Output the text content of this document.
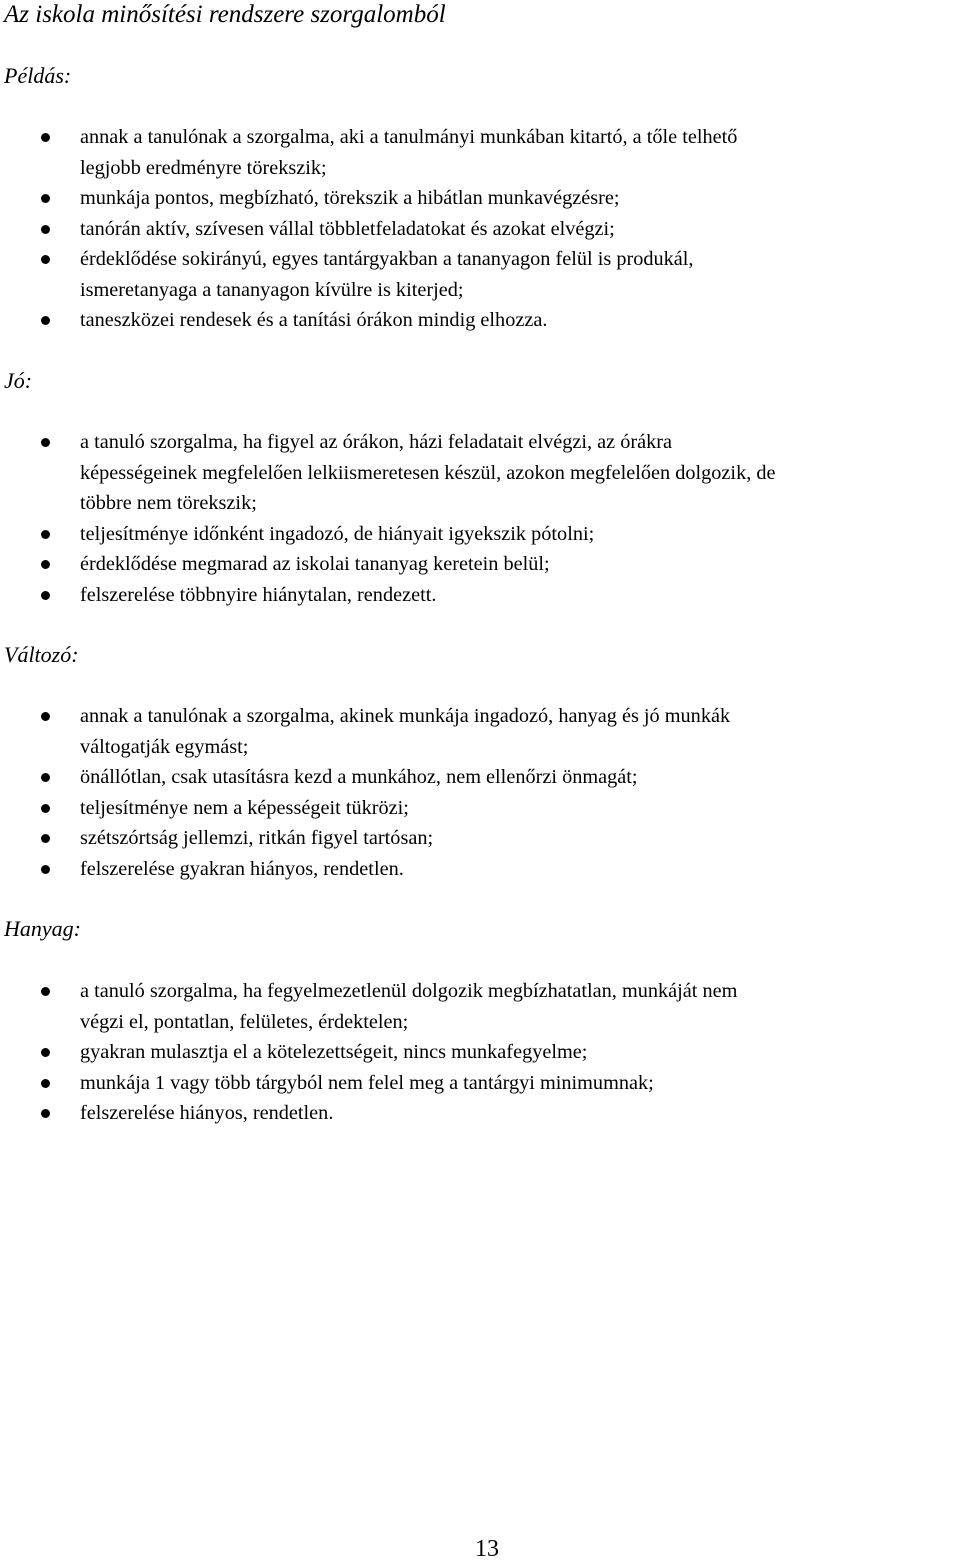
Az iskola minősítési rendszere szorgalomból
Példás:
annak a tanulónak a szorgalma, aki a tanulmányi munkában kitartó, a tőle telhető
legjobb eredményre törekszik;
munkája pontos, megbízható, törekszik a hibátlan munkavégzésre;
tanórán aktív, szívesen vállal többletfeladatokat és azokat elvégzi;
érdeklődése sokirányú, egyes tantárgyakban a tananyagon felül is produkál,
ismeretanyaga a tananyagon kívülre is kiterjed;
taneszközei rendesek és a tanítási órákon mindig elhozza.
Jó:
a tanuló szorgalma, ha figyel az órákon, házi feladatait elvégzi, az órákra
képességeinek megfelelően lelkiismeretesen készül, azokon megfelelően dolgozik, de
többre nem törekszik;
teljesítménye időnként ingadozó, de hiányait igyekszik pótolni;
érdeklődése megmarad az iskolai tananyag keretein belül;
felszerelése többnyire hiánytalan, rendezett.
Változó:
annak a tanulónak a szorgalma, akinek munkája ingadozó, hanyag és jó munkák
váltogatják egymást;
önállótlan, csak utasításra kezd a munkához, nem ellenőrzi önmagát;
teljesítménye nem a képességeit tükrözi;
szétszórtság jellemzi, ritkán figyel tartósan;
felszerelése gyakran hiányos, rendetlen.
Hanyag:
a tanuló szorgalma, ha fegyelmezetlenül dolgozik megbízhatatlan, munkáját nem
végzi el, pontatlan, felületes, érdektelen;
gyakran mulasztja el a kötelezettségeit, nincs munkafegyelme;
munkája 1 vagy több tárgyból nem felel meg a tantárgyi minimumnak;
felszerelése hiányos, rendetlen.
13
